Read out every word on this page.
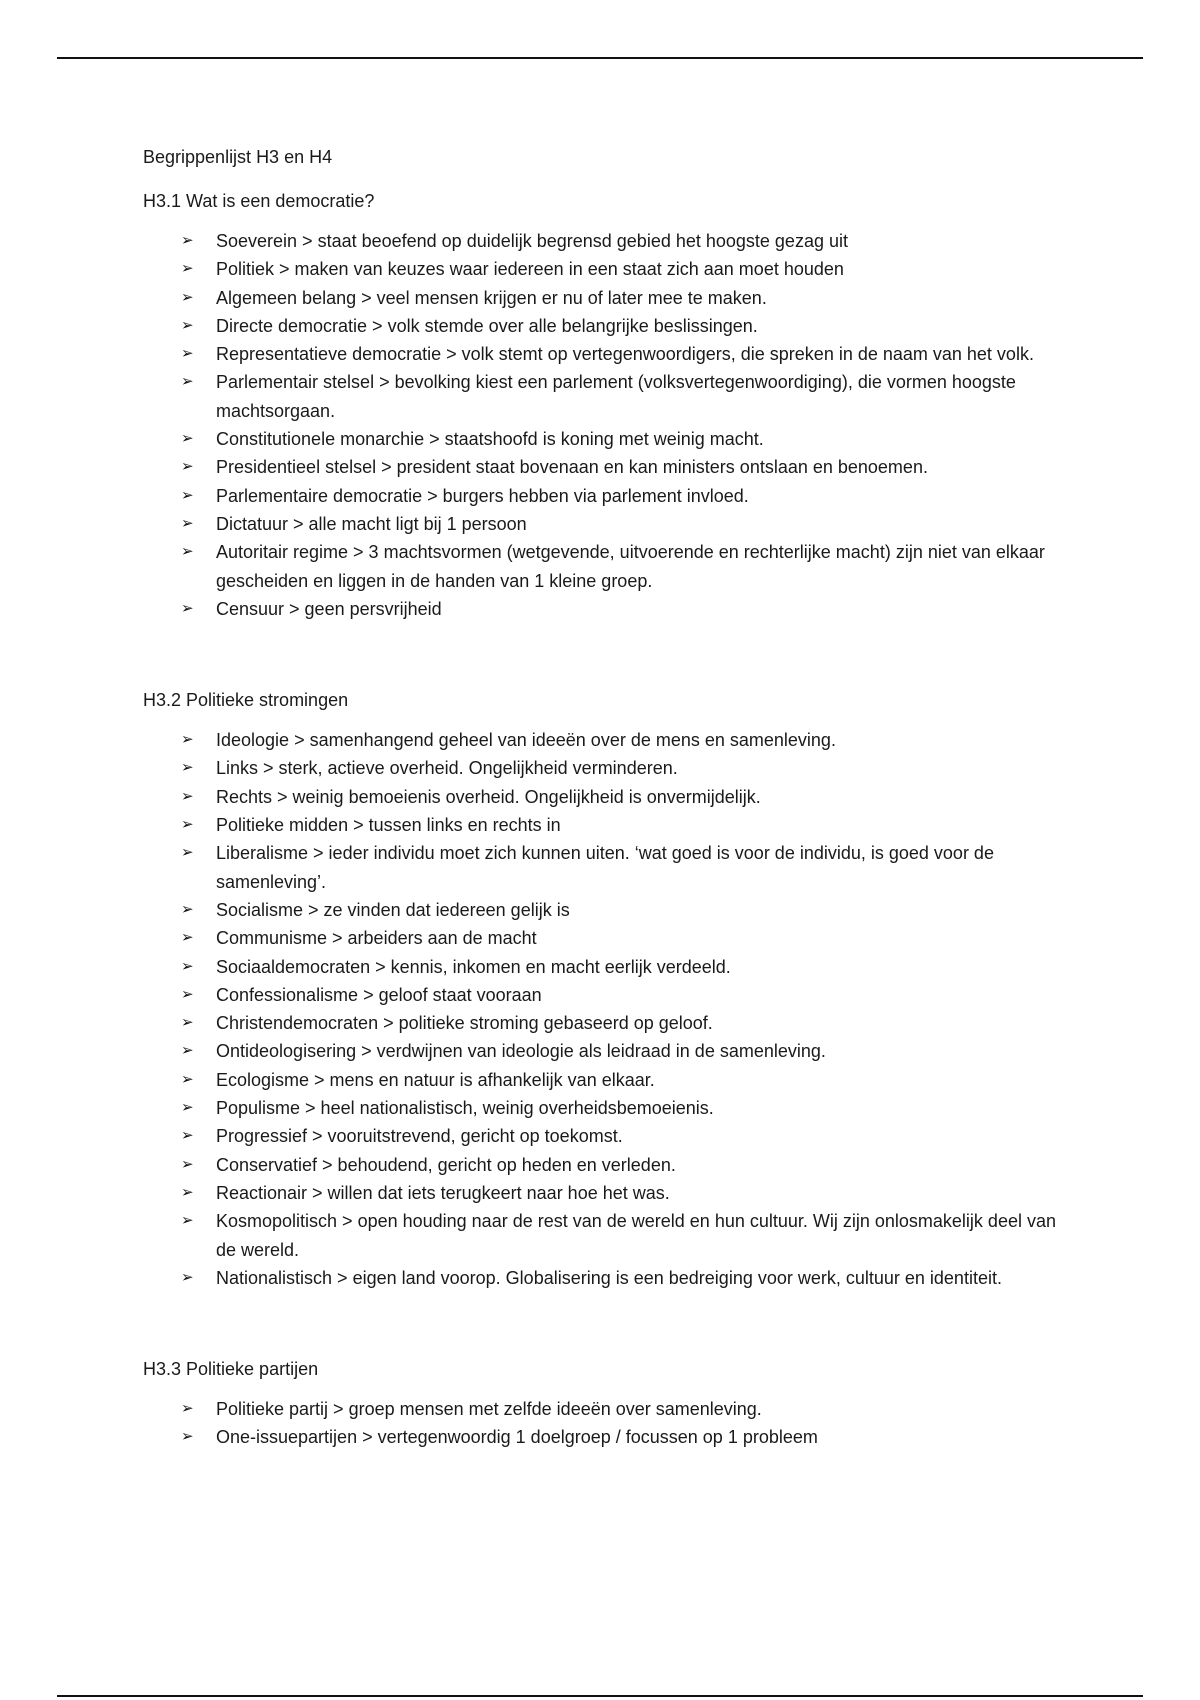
Begrippenlijst H3 en H4
H3.1 Wat is een democratie?
➢ Soeverein > staat beoefend op duidelijk begrensd gebied het hoogste gezag uit
➢ Politiek > maken van keuzes waar iedereen in een staat zich aan moet houden
➢ Algemeen belang > veel mensen krijgen er nu of later mee te maken.
➢ Directe democratie > volk stemde over alle belangrijke beslissingen.
➢ Representatieve democratie > volk stemt op vertegenwoordigers, die spreken in de naam van het volk.
➢ Parlementair stelsel > bevolking kiest een parlement (volksvertegenwoordiging), die vormen hoogste machtsorgaan.
➢ Constitutionele monarchie > staatshoofd is koning met weinig macht.
➢ Presidentieel stelsel > president staat bovenaan en kan ministers ontslaan en benoemen.
➢ Parlementaire democratie > burgers hebben via parlement invloed.
➢ Dictatuur > alle macht ligt bij 1 persoon
➢ Autoritair regime > 3 machtsvormen (wetgevende, uitvoerende en rechterlijke macht) zijn niet van elkaar gescheiden en liggen in de handen van 1 kleine groep.
➢ Censuur > geen persvrijheid
H3.2 Politieke stromingen
➢ Ideologie > samenhangend geheel van ideeën over de mens en samenleving.
➢ Links > sterk, actieve overheid. Ongelijkheid verminderen.
➢ Rechts > weinig bemoeienis overheid. Ongelijkheid is onvermijdelijk.
➢ Politieke midden > tussen links en rechts in
➢ Liberalisme > ieder individu moet zich kunnen uiten. ‘wat goed is voor de individu, is goed voor de samenleving’.
➢ Socialisme > ze vinden dat iedereen gelijk is
➢ Communisme > arbeiders aan de macht
➢ Sociaaldemocraten > kennis, inkomen en macht eerlijk verdeeld.
➢ Confessionalisme > geloof staat vooraan
➢ Christendemocraten > politieke stroming gebaseerd op geloof.
➢ Ontideologisering > verdwijnen van ideologie als leidraad in de samenleving.
➢ Ecologisme > mens en natuur is afhankelijk van elkaar.
➢ Populisme > heel nationalistisch, weinig overheidsbemoeienis.
➢ Progressief > vooruitstrevend, gericht op toekomst.
➢ Conservatief > behoudend, gericht op heden en verleden.
➢ Reactionair > willen dat iets terugkeert naar hoe het was.
➢ Kosmopolitisch > open houding naar de rest van de wereld en hun cultuur. Wij zijn onlosmakelijk deel van de wereld.
➢ Nationalistisch > eigen land voorop. Globalisering is een bedreiging voor werk, cultuur en identiteit.
H3.3 Politieke partijen
➢ Politieke partij > groep mensen met zelfde ideeën over samenleving.
➢ One-issuepartijen > vertegenwoordig 1 doelgroep / focussen op 1 probleem
